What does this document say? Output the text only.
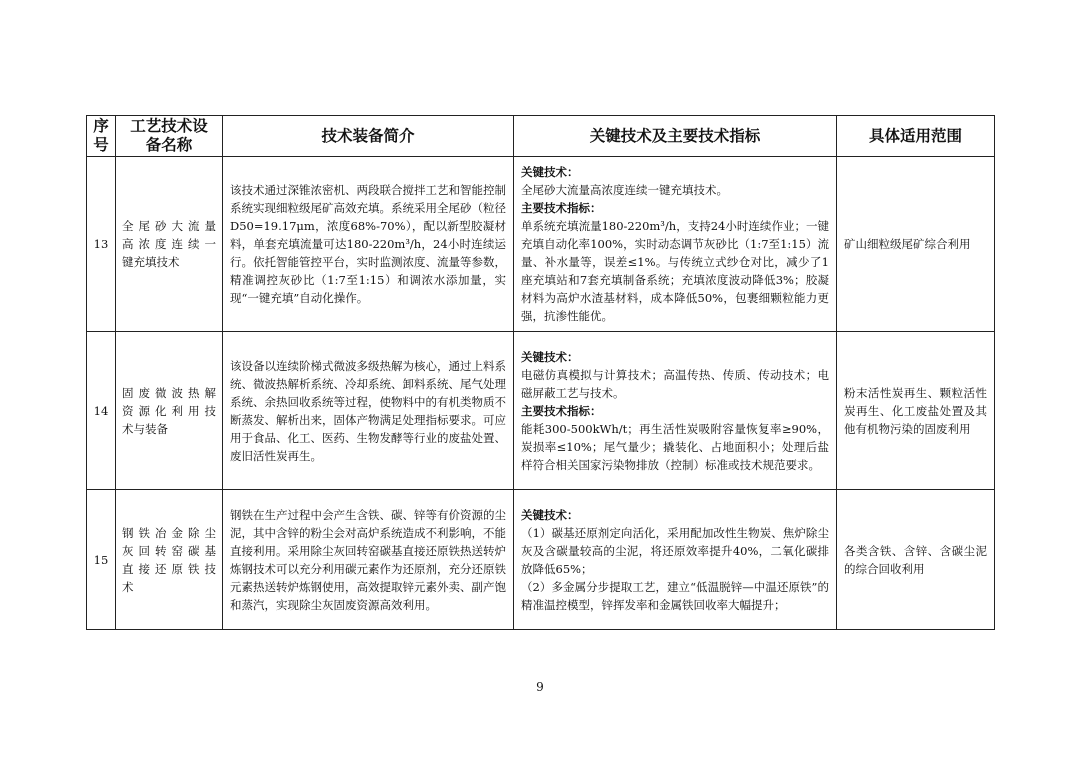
序
号	工艺技术设
备名称	技术装备简介	关键技术及主要技术指标	具体适用范围
13	全尾砂大流量
高浓度连续一
键充填技术	该技术通过深锥浓密机、两段联合搅拌工艺和智能控制系统实现细粒级尾矿高效充填。系统采用全尾砂（粒径D50=19.17μm，浓度68%-70%），配以新型胶凝材料，单套充填流量可达180-220m³/h，24小时连续运行。依托智能管控平台，实时监测浓度、流量等参数，精准调控灰砂比（1:7至1:15）和调浓水添加量，实现“一键充填”自动化操作。	关键技术：
全尾砂大流量高浓度连续一键充填技术。
主要技术指标：
单系统充填流量180-220m³/h，支持24小时连续作业；一键充填自动化率100%，实时动态调节灰砂比（1:7至1:15）流量、补水量等，误差≤1%。与传统立式纱仓对比，减少了1座充填站和7套充填制备系统；充填浓度波动降低3%；胶凝材料为高炉水渣基材料，成本降低50%，包裹细颗粒能力更强，抗渗性能优。	矿山细粒级尾矿综合利用
14	固废微波热解
资源化利用技
术与装备	该设备以连续阶梯式微波多级热解为核心，通过上料系统、微波热解析系统、冷却系统、卸料系统、尾气处理系统、余热回收系统等过程，使物料中的有机类物质不断蒸发、解析出来，固体产物满足处理指标要求。可应用于食品、化工、医药、生物发酵等行业的废盐处置、废旧活性炭再生。	关键技术：
电磁仿真模拟与计算技术；高温传热、传质、传动技术；电磁屏蔽工艺与技术。
主要技术指标：
能耗300-500kWh/t；再生活性炭吸附容量恢复率≥90%，炭损率≤10%；尾气量少；撬装化、占地面积小；处理后盐样符合相关国家污染物排放（控制）标准或技术规范要求。	粉末活性炭再生、颗粒活性炭再生、化工废盐处置及其他有机物污染的固废利用
15	钢铁冶金除尘
灰回转窑碳基
直接还原铁技
术	钢铁在生产过程中会产生含铁、碳、锌等有价资源的尘泥，其中含锌的粉尘会对高炉系统造成不利影响，不能直接利用。采用除尘灰回转窑碳基直接还原铁热送转炉炼钢技术可以充分利用碳元素作为还原剂，充分还原铁元素热送转炉炼钢使用，高效提取锌元素外卖、副产饱和蒸汽，实现除尘灰固废资源高效利用。	关键技术：
（1）碳基还原剂定向活化，采用配加改性生物炭、焦炉除尘灰及含碳量较高的尘泥，将还原效率提升40%，二氧化碳排放降低65%；
（2）多金属分步提取工艺，建立“低温脱锌—中温还原铁”的精准温控模型，锌挥发率和金属铁回收率大幅提升；	各类含铁、含锌、含碳尘泥的综合回收利用
9
